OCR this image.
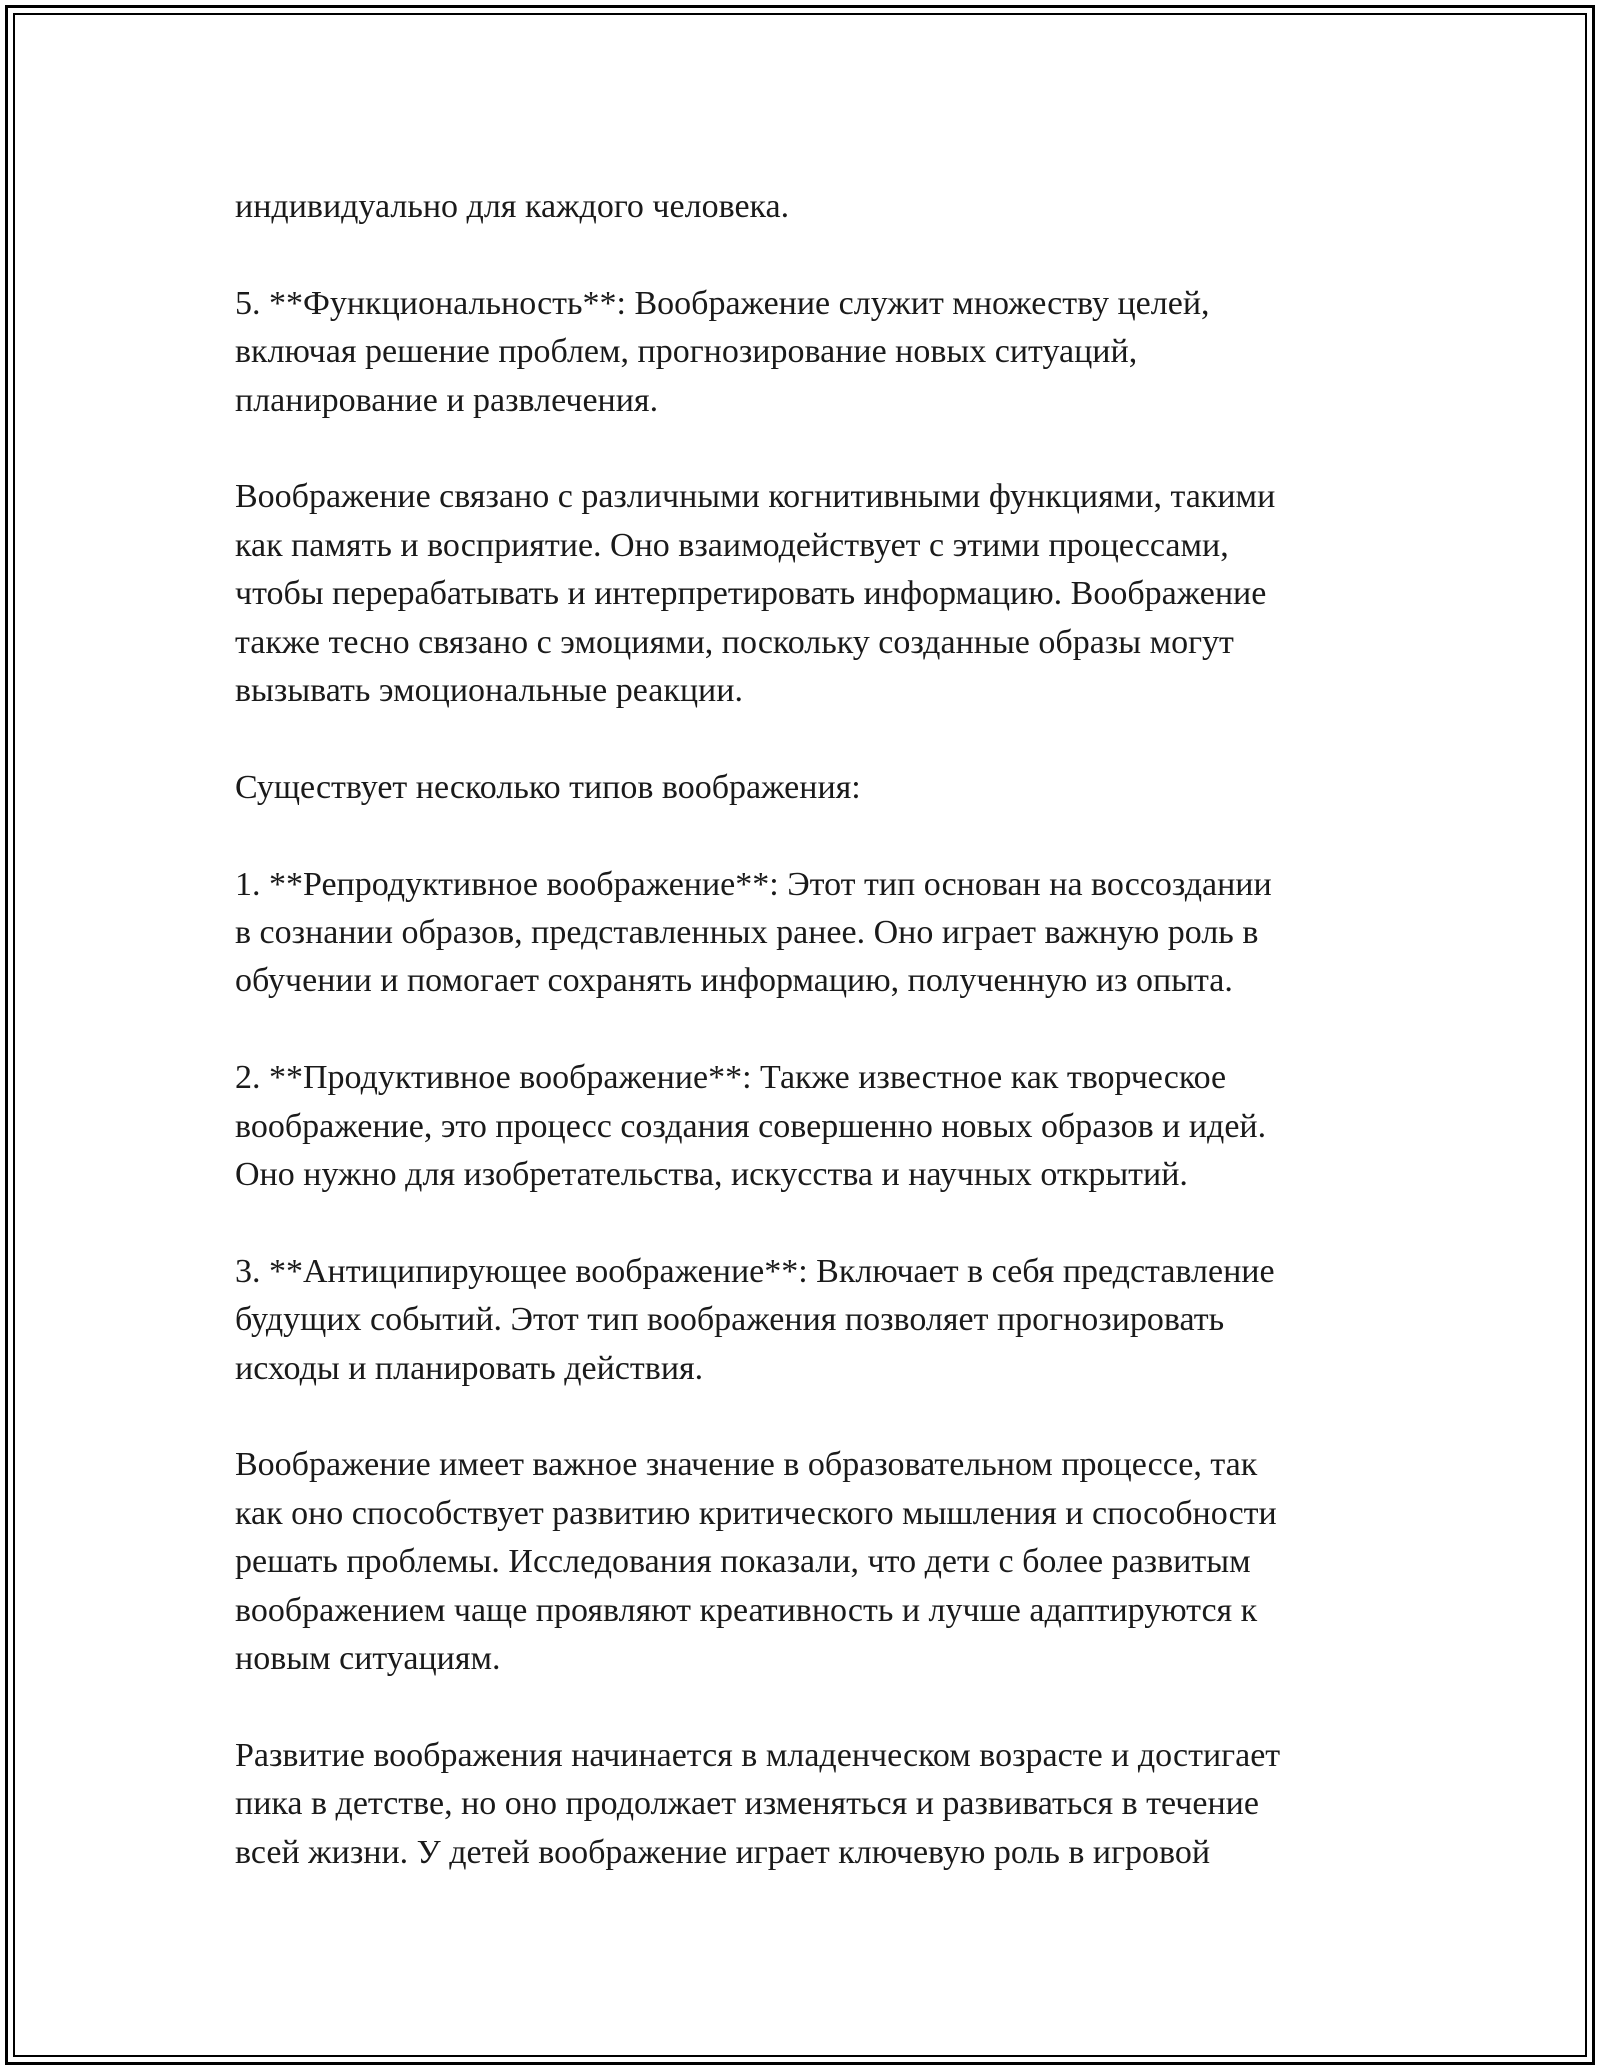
индивидуально для каждого человека.

5. **Функциональность**: Воображение служит множеству целей,
включая решение проблем, прогнозирование новых ситуаций,
планирование и развлечения.

Воображение связано с различными когнитивными функциями, такими
как память и восприятие. Оно взаимодействует с этими процессами,
чтобы перерабатывать и интерпретировать информацию. Воображение
также тесно связано с эмоциями, поскольку созданные образы могут
вызывать эмоциональные реакции.

Существует несколько типов воображения:

1. **Репродуктивное воображение**: Этот тип основан на воссоздании
в сознании образов, представленных ранее. Оно играет важную роль в
обучении и помогает сохранять информацию, полученную из опыта.

2. **Продуктивное воображение**: Также известное как творческое
воображение, это процесс создания совершенно новых образов и идей.
Оно нужно для изобретательства, искусства и научных открытий.

3. **Антиципирующее воображение**: Включает в себя представление
будущих событий. Этот тип воображения позволяет прогнозировать
исходы и планировать действия.

Воображение имеет важное значение в образовательном процессе, так
как оно способствует развитию критического мышления и способности
решать проблемы. Исследования показали, что дети с более развитым
воображением чаще проявляют креативность и лучше адаптируются к
новым ситуациям.

Развитие воображения начинается в младенческом возрасте и достигает
пика в детстве, но оно продолжает изменяться и развиваться в течение
всей жизни. У детей воображение играет ключевую роль в игровой
